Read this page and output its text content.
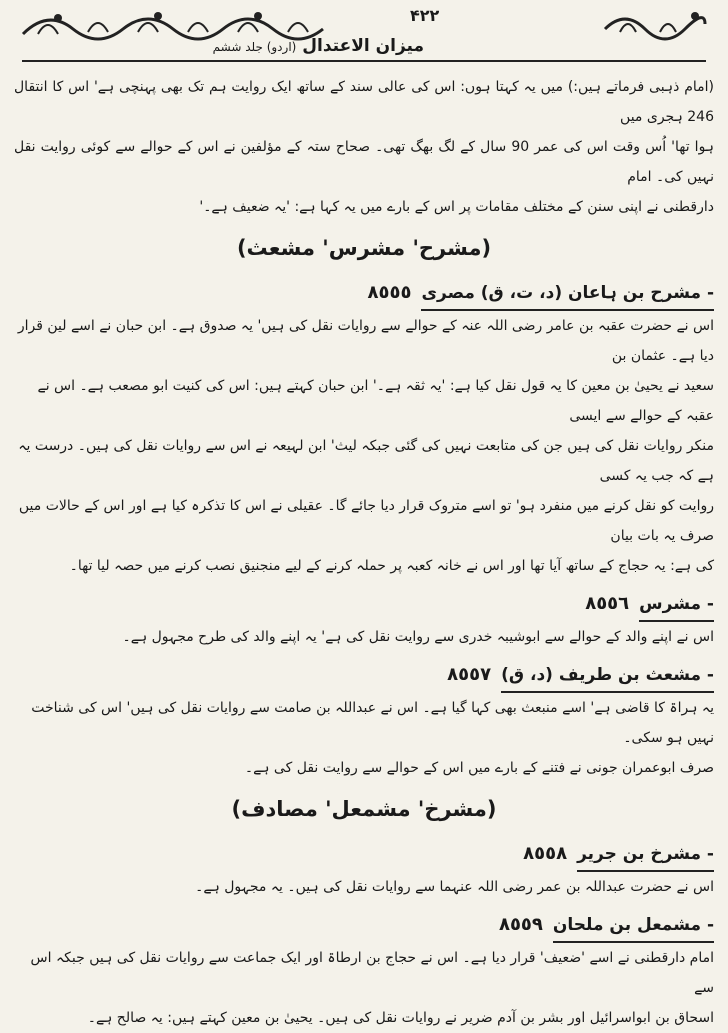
۴۲۲
میزان الاعتدال (اردو) جلد ششم

(امام ذہبی فرماتے ہیں:) میں یہ کہتا ہوں: اس کی عالی سند کے ساتھ ایک روایت ہم تک بھی پہنچی ہے' اس کا انتقال 246 ہجری میں

ہوا تھا' اُس وقت اس کی عمر 90 سال کے لگ بھگ تھی۔ صحاح ستہ کے مؤلفین نے اس کے حوالے سے کوئی روایت نقل نہیں کی۔ امام

دارقطنی نے اپنی سنن کے مختلف مقامات پر اس کے بارے میں یہ کہا ہے: 'یہ ضعیف ہے۔'

(مشرح' مشرس' مشعث)
- مشرح بن ہاعان (د، ت، ق) مصری
٨٥٥٥

اس نے حضرت عقبہ بن عامر رضی اللہ عنہ کے حوالے سے روایات نقل کی ہیں' یہ صدوق ہے۔ ابن حبان نے اسے لین قرار دیا ہے۔ عثمان بن

سعید نے یحییٰ بن معین کا یہ قول نقل کیا ہے: 'یہ ثقہ ہے۔' ابن حبان کہتے ہیں: اس کی کنیت ابو مصعب ہے۔ اس نے عقبہ کے حوالے سے ایسی

منکر روایات نقل کی ہیں جن کی متابعت نہیں کی گئی جبکہ لیث' ابن لہیعہ نے اس سے روایات نقل کی ہیں۔ درست یہ ہے کہ جب یہ کسی

روایت کو نقل کرنے میں منفرد ہو' تو اسے متروک قرار دیا جائے گا۔ عقیلی نے اس کا تذکرہ کیا ہے اور اس کے حالات میں صرف یہ بات بیان

کی ہے: یہ حجاج کے ساتھ آیا تھا اور اس نے خانہ کعبہ پر حملہ کرنے کے لیے منجنیق نصب کرنے میں حصہ لیا تھا۔

- مشرس
٨٥٥٦

اس نے اپنے والد کے حوالے سے ابوشیبہ خدری سے روایت نقل کی ہے' یہ اپنے والد کی طرح مجہول ہے۔

- مشعث بن طریف (د، ق)
٨٥٥٧

یہ ہراۃ کا قاضی ہے' اسے منبعث بھی کہا گیا ہے۔ اس نے عبداللہ بن صامت سے روایات نقل کی ہیں' اس کی شناخت نہیں ہو سکی۔

صرف ابوعمران جونی نے فتنے کے بارے میں اس کے حوالے سے روایت نقل کی ہے۔

(مشرخ' مشمعل' مصادف)
- مشرخ بن جریر
٨٥٥٨

اس نے حضرت عبداللہ بن عمر رضی اللہ عنہما سے روایات نقل کی ہیں۔ یہ مجہول ہے۔

- مشمعل بن ملحان
٨٥٥٩

امام دارقطنی نے اسے 'ضعیف' قرار دیا ہے۔ اس نے حجاج بن ارطاۃ اور ایک جماعت سے روایات نقل کی ہیں جبکہ اس سے

اسحاق بن ابواسرائیل اور بشر بن آدم ضریر نے روایات نقل کی ہیں۔ یحییٰ بن معین کہتے ہیں: یہ صالح ہے۔
